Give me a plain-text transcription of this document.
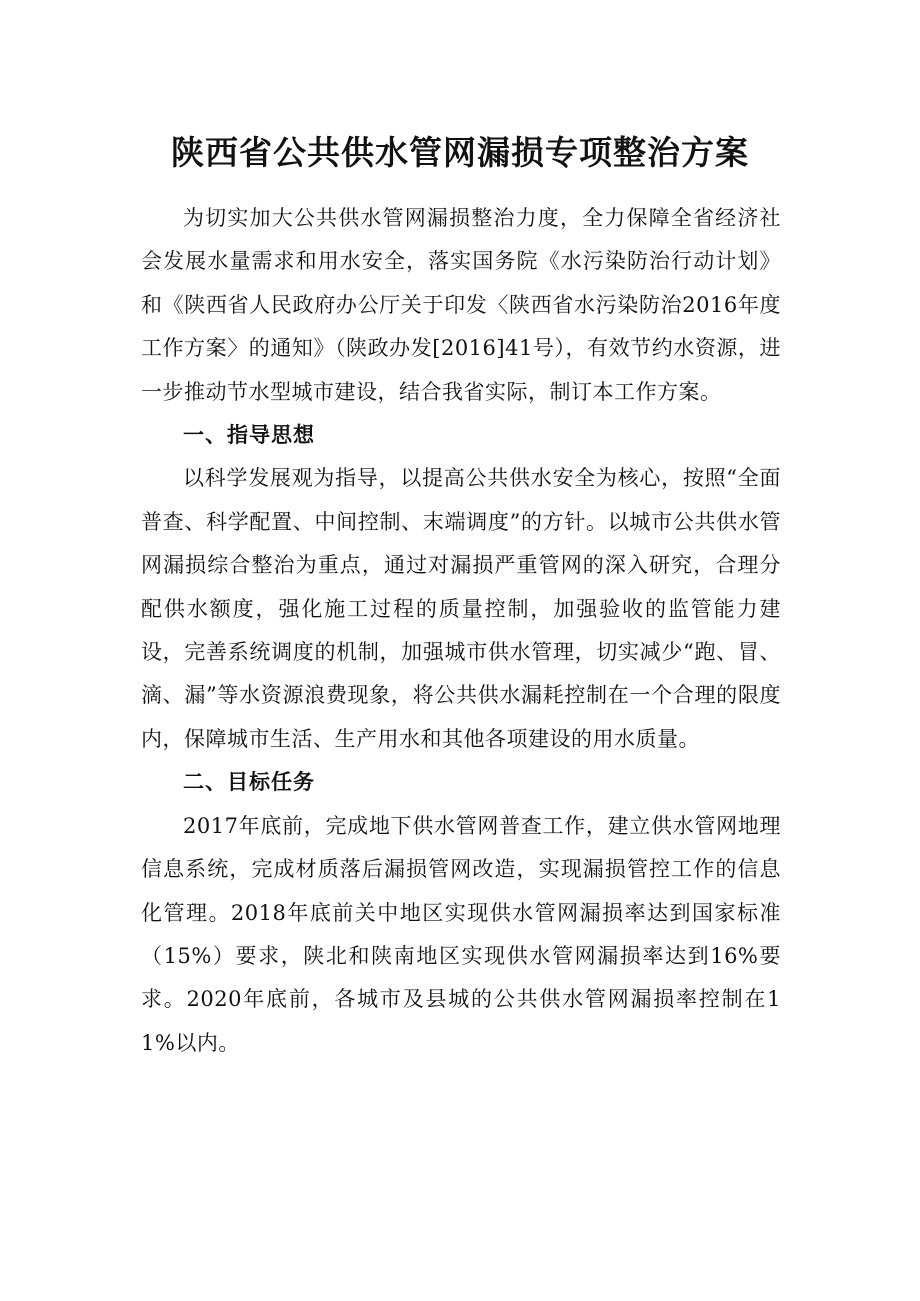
陕西省公共供水管网漏损专项整治方案

为切实加大公共供水管网漏损整治力度，全力保障全省经济社会发展水量需求和用水安全，落实国务院《水污染防治行动计划》和《陕西省人民政府办公厅关于印发〈陕西省水污染防治2016年度工作方案〉的通知》（陕政办发[2016]41号），有效节约水资源，进一步推动节水型城市建设，结合我省实际，制订本工作方案。

一、指导思想

以科学发展观为指导，以提高公共供水安全为核心，按照“全面普查、科学配置、中间控制、末端调度”的方针。以城市公共供水管网漏损综合整治为重点，通过对漏损严重管网的深入研究，合理分配供水额度，强化施工过程的质量控制，加强验收的监管能力建设，完善系统调度的机制，加强城市供水管理，切实减少“跑、冒、滴、漏”等水资源浪费现象，将公共供水漏耗控制在一个合理的限度内，保障城市生活、生产用水和其他各项建设的用水质量。

二、目标任务

2017年底前，完成地下供水管网普查工作，建立供水管网地理信息系统，完成材质落后漏损管网改造，实现漏损管控工作的信息化管理。2018年底前关中地区实现供水管网漏损率达到国家标准（15%）要求，陕北和陕南地区实现供水管网漏损率达到16%要求。2020年底前，各城市及县城的公共供水管网漏损率控制在11%以内。
